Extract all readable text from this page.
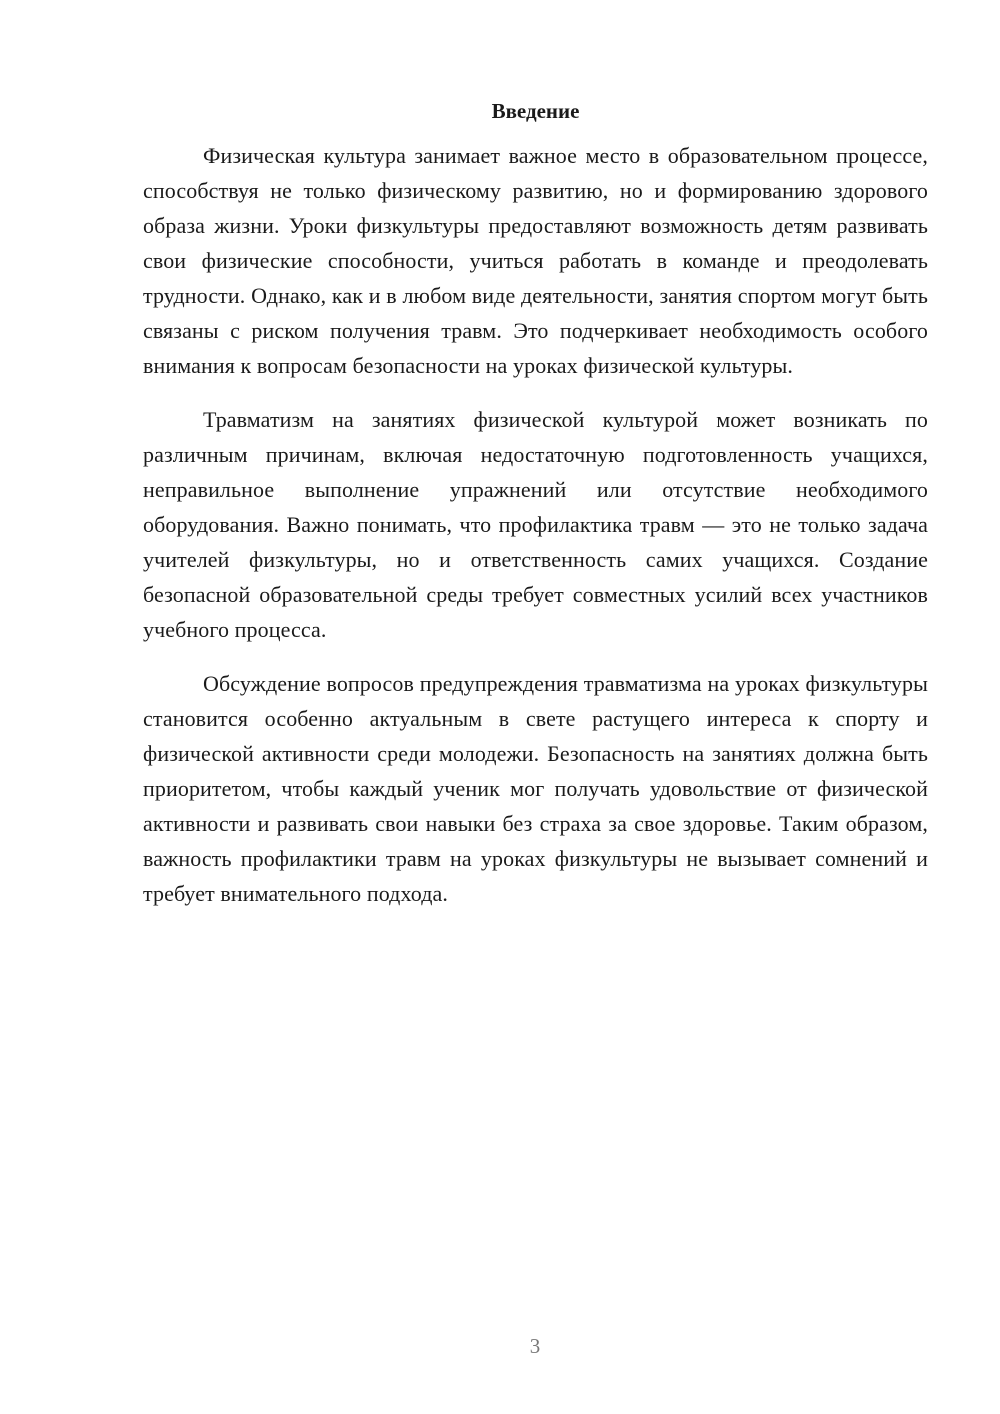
Введение

Физическая культура занимает важное место в образовательном процессе, способствуя не только физическому развитию, но и формированию здорового образа жизни. Уроки физкультуры предоставляют возможность детям развивать свои физические способности, учиться работать в команде и преодолевать трудности. Однако, как и в любом виде деятельности, занятия спортом могут быть связаны с риском получения травм. Это подчеркивает необходимость особого внимания к вопросам безопасности на уроках физической культуры.

Травматизм на занятиях физической культурой может возникать по различным причинам, включая недостаточную подготовленность учащихся, неправильное выполнение упражнений или отсутствие необходимого оборудования. Важно понимать, что профилактика травм — это не только задача учителей физкультуры, но и ответственность самих учащихся. Создание безопасной образовательной среды требует совместных усилий всех участников учебного процесса.

Обсуждение вопросов предупреждения травматизма на уроках физкультуры становится особенно актуальным в свете растущего интереса к спорту и физической активности среди молодежи. Безопасность на занятиях должна быть приоритетом, чтобы каждый ученик мог получать удовольствие от физической активности и развивать свои навыки без страха за свое здоровье. Таким образом, важность профилактики травм на уроках физкультуры не вызывает сомнений и требует внимательного подхода.

3
